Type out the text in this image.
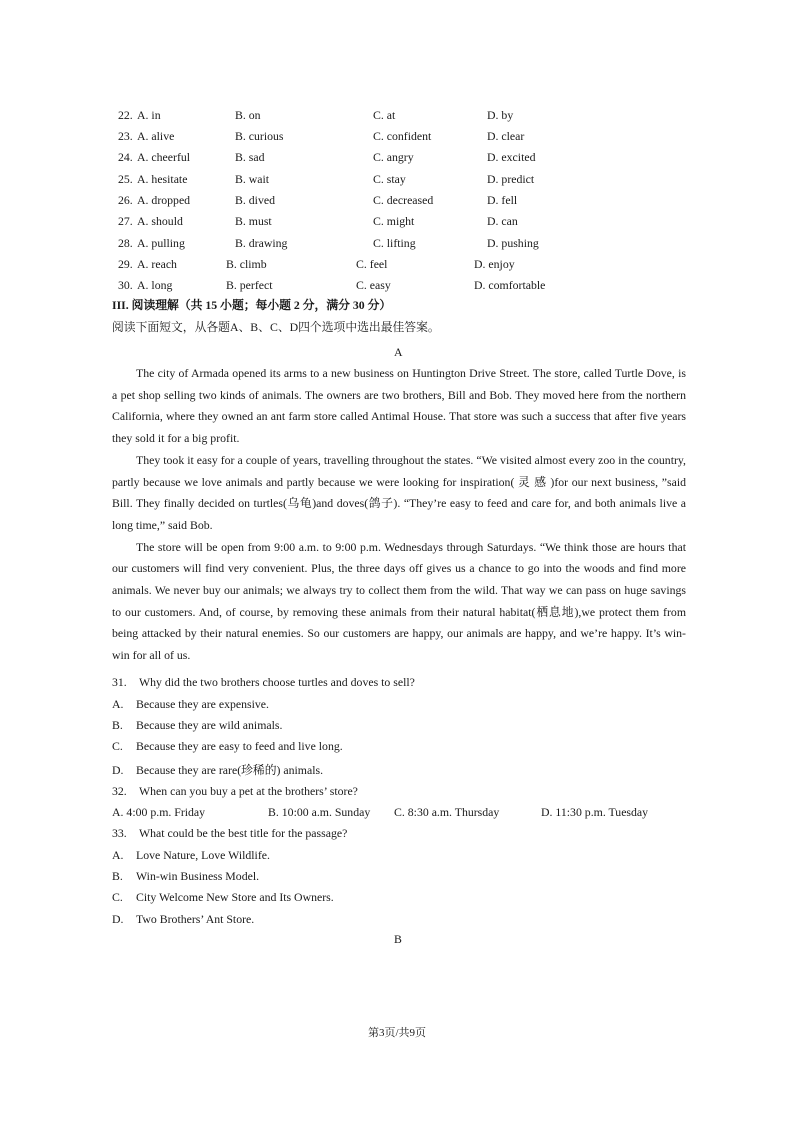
22. A. in	B. on	C. at	D. by
23. A. alive	B. curious	C. confident	D. clear
24. A. cheerful	B. sad	C. angry	D. excited
25. A. hesitate	B. wait	C. stay	D. predict
26. A. dropped	B. dived	C. decreased	D. fell
27. A. should	B. must	C. might	D. can
28. A. pulling	B. drawing	C. lifting	D. pushing
29. A. reach	B. climb	C. feel	D. enjoy
30. A. long	B. perfect	C. easy	D. comfortable
III. 阅读理解（共 15 小题；每小题 2 分，满分 30 分）
阅读下面短文，从各题A、B、C、D四个选项中选出最佳答案。
A

The city of Armada opened its arms to a new business on Huntington Drive Street. The store, called Turtle Dove, is a pet shop selling two kinds of animals. The owners are two brothers, Bill and Bob. They moved here from the northern California, where they owned an ant farm store called Antimal House. That store was such a success that after five years they sold it for a big profit.

They took it easy for a couple of years, travelling throughout the states. “We visited almost every zoo in the country, partly because we love animals and partly because we were looking for inspiration( 灵 感 )for our next business, ”said Bill. They finally decided on turtles(乌龟)and doves(鸽子). “They’re easy to feed and care for, and both animals live a long time,” said Bob.

The store will be open from 9:00 a.m. to 9:00 p.m. Wednesdays through Saturdays. “We think those are hours that our customers will find very convenient. Plus, the three days off gives us a chance to go into the woods and find more animals. We never buy our animals; we always try to collect them from the wild. That way we can pass on huge savings to our customers. And, of course, by removing these animals from their natural habitat(栖息地),we protect them from being attacked by their natural enemies. So our customers are happy, our animals are happy, and we’re happy. It’s win-win for all of us.

31. Why did the two brothers choose turtles and doves to sell?
A. Because they are expensive.
B. Because they are wild animals.
C. Because they are easy to feed and live long.
D. Because they are rare(珍稀的) animals.
32. When can you buy a pet at the brothers’ store?
A. 4:00 p.m. Friday	B. 10:00 a.m. Sunday C. 8:30 a.m. Thursday	D. 11:30 p.m. Tuesday
33. What could be the best title for the passage?
A. Love Nature, Love Wildlife.
B. Win-win Business Model.
C. City Welcome New Store and Its Owners.
D. Two Brothers’ Ant Store.
B
第3页/共9页
